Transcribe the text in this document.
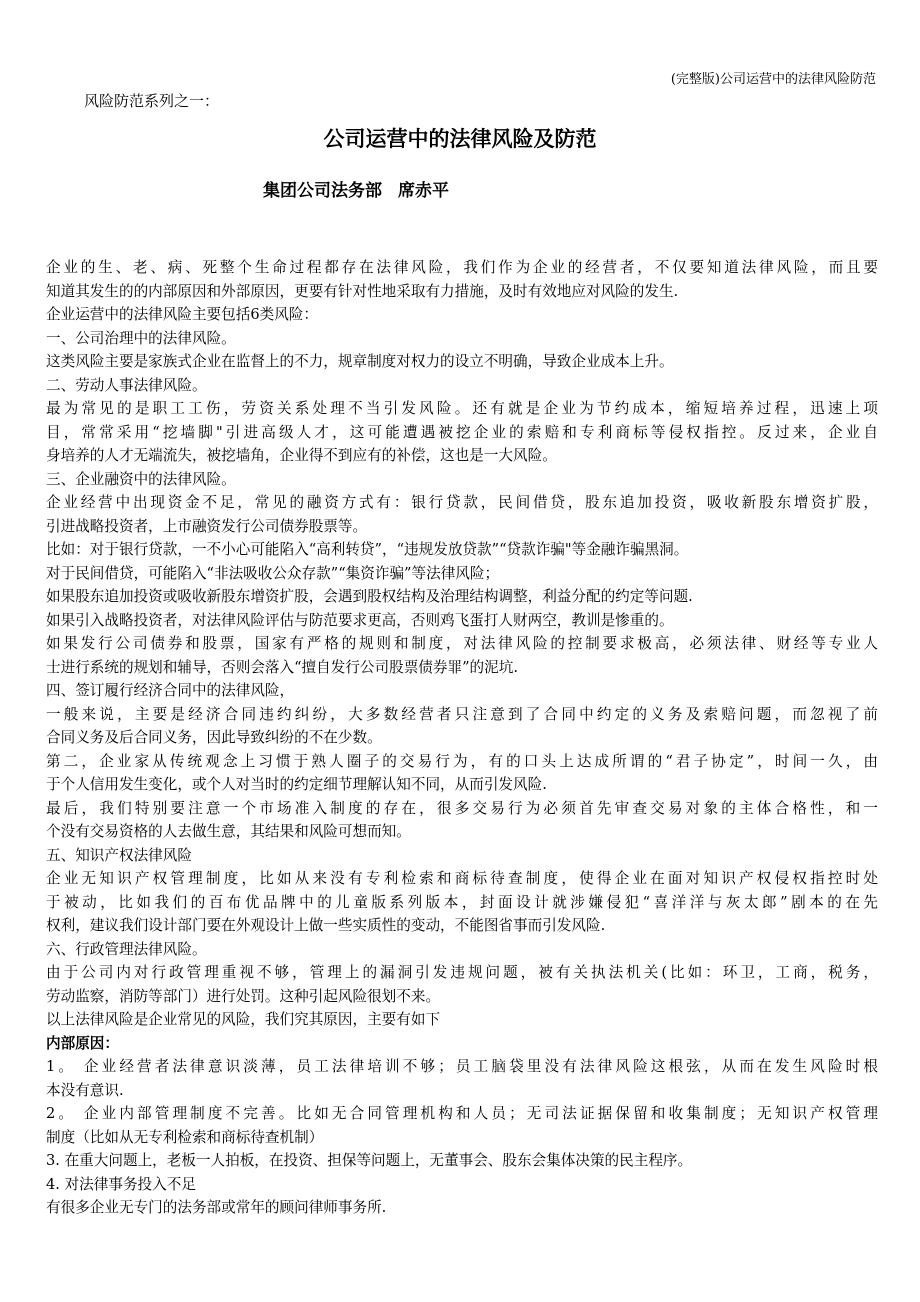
(完整版)公司运营中的法律风险防范
风险防范系列之一：
公司运营中的法律风险及防范
集团公司法务部 席赤平
企业的生、老、病、死整个生命过程都存在法律风险，我们作为企业的经营者，不仅要知道法律风险，而且要
知道其发生的的内部原因和外部原因，更要有针对性地采取有力措施，及时有效地应对风险的发生.
企业运营中的法律风险主要包括6类风险：
一、公司治理中的法律风险。
这类风险主要是家族式企业在监督上的不力，规章制度对权力的设立不明确，导致企业成本上升。
二、劳动人事法律风险。
最为常见的是职工工伤，劳资关系处理不当引发风险。还有就是企业为节约成本，缩短培养过程，迅速上项
目，常常采用“挖墙脚"引进高级人才，这可能遭遇被挖企业的索赔和专利商标等侵权指控。反过来，企业自
身培养的人才无端流失，被挖墙角，企业得不到应有的补偿，这也是一大风险。
三、企业融资中的法律风险。
企业经营中出现资金不足，常见的融资方式有：银行贷款，民间借贷，股东追加投资，吸收新股东增资扩股，
引进战略投资者，上市融资发行公司债券股票等。
比如：对于银行贷款，一不小心可能陷入“高利转贷”，“违规发放贷款”“贷款诈骗"等金融诈骗黑洞。
对于民间借贷，可能陷入“非法吸收公众存款”“集资诈骗”等法律风险；
如果股东追加投资或吸收新股东增资扩股，会遇到股权结构及治理结构调整，利益分配的约定等问题.
如果引入战略投资者，对法律风险评估与防范要求更高，否则鸡飞蛋打人财两空，教训是惨重的。
如果发行公司债券和股票，国家有严格的规则和制度，对法律风险的控制要求极高，必须法律、财经等专业人
士进行系统的规划和辅导，否则会落入“擅自发行公司股票债券罪”的泥坑.
四、签订履行经济合同中的法律风险，
一般来说，主要是经济合同违约纠纷，大多数经营者只注意到了合同中约定的义务及索赔问题，而忽视了前
合同义务及后合同义务，因此导致纠纷的不在少数。
第二，企业家从传统观念上习惯于熟人圈子的交易行为，有的口头上达成所谓的“君子协定”，时间一久，由
于个人信用发生变化，或个人对当时的约定细节理解认知不同，从而引发风险.
最后，我们特别要注意一个市场准入制度的存在，很多交易行为必须首先审查交易对象的主体合格性，和一
个没有交易资格的人去做生意，其结果和风险可想而知。
五、知识产权法律风险
企业无知识产权管理制度，比如从来没有专利检索和商标待查制度，使得企业在面对知识产权侵权指控时处
于被动，比如我们的百布优品牌中的儿童版系列版本，封面设计就涉嫌侵犯“喜洋洋与灰太郎”剧本的在先
权利，建议我们设计部门要在外观设计上做一些实质性的变动，不能图省事而引发风险.
六、行政管理法律风险。
由于公司内对行政管理重视不够，管理上的漏洞引发违规问题，被有关执法机关(比如：环卫，工商，税务，
劳动监察，消防等部门）进行处罚。这种引起风险很划不来。
以上法律风险是企业常见的风险，我们究其原因，主要有如下
内部原因：
1。 企业经营者法律意识淡薄，员工法律培训不够；员工脑袋里没有法律风险这根弦，从而在发生风险时根
本没有意识.
2。 企业内部管理制度不完善。比如无合同管理机构和人员；无司法证据保留和收集制度；无知识产权管理
制度（比如从无专利检索和商标待查机制）
3. 在重大问题上，老板一人拍板，在投资、担保等问题上，无董事会、股东会集体决策的民主程序。
4. 对法律事务投入不足
有很多企业无专门的法务部或常年的顾问律师事务所.
